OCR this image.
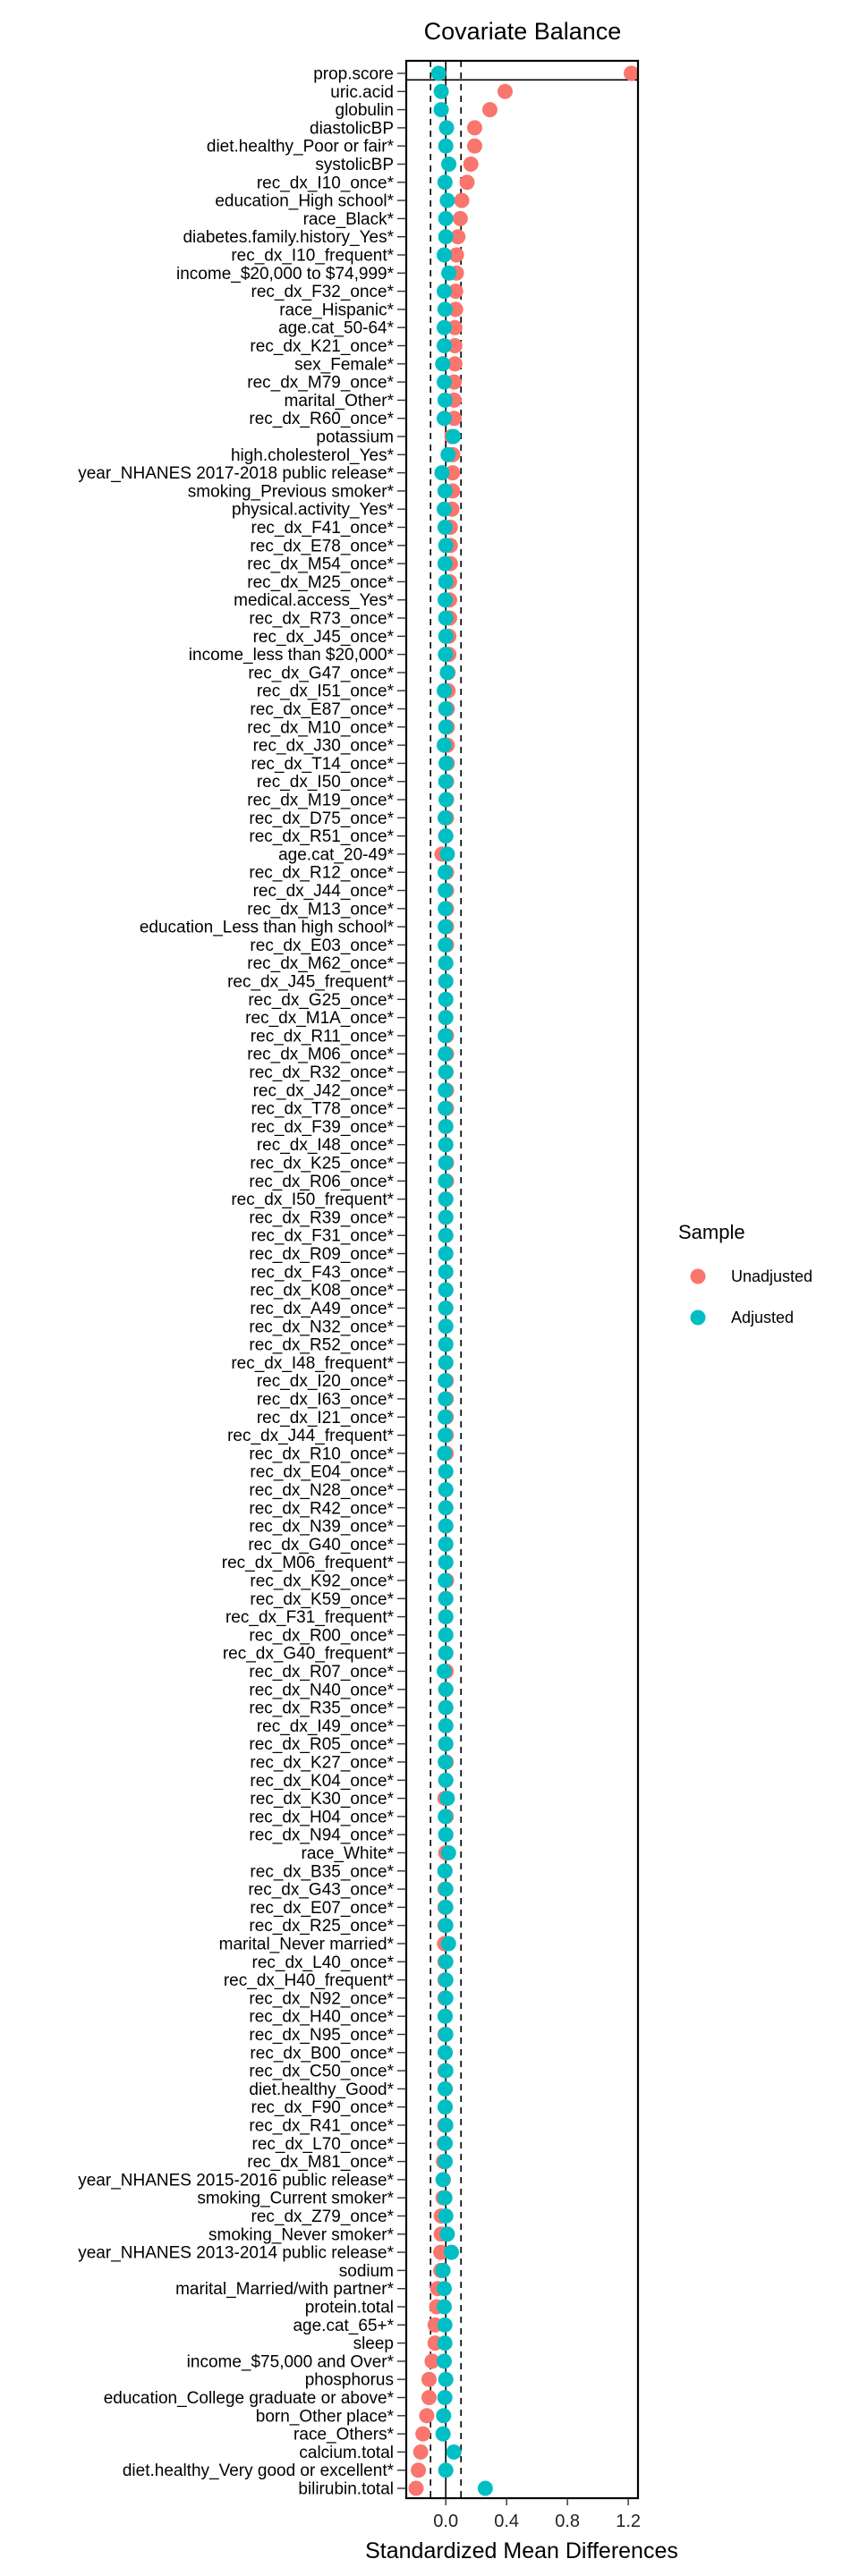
Covariate Balance
prop.score
uric.acid
globulin
diastolicBP
diet.healthy_Poor or fair*
systolicBP
rec_dx_I10_once*
education_High school*
race_Black*
diabetes.family.history_Yes*
rec_dx_I10_frequent*
income_$20,000 to $74,999*
rec_dx_F32_once*
race_Hispanic*
age.cat_50-64*
rec_dx_K21_once*
sex_Female*
rec_dx_M79_once*
marital_Other*
rec_dx_R60_once*
potassium
high.cholesterol_Yes*
year_NHANES 2017-2018 public release*
smoking_Previous smoker*
physical.activity_Yes*
rec_dx_F41_once*
rec_dx_E78_once*
rec_dx_M54_once*
rec_dx_M25_once*
medical.access_Yes*
rec_dx_R73_once*
rec_dx_J45_once*
income_less than $20,000*
rec_dx_G47_once*
rec_dx_I51_once*
rec_dx_E87_once*
rec_dx_M10_once*
rec_dx_J30_once*
rec_dx_T14_once*
rec_dx_I50_once*
rec_dx_M19_once*
rec_dx_D75_once*
rec_dx_R51_once*
age.cat_20-49*
rec_dx_R12_once*
rec_dx_J44_once*
rec_dx_M13_once*
education_Less than high school*
rec_dx_E03_once*
rec_dx_M62_once*
rec_dx_J45_frequent*
rec_dx_G25_once*
rec_dx_M1A_once*
rec_dx_R11_once*
rec_dx_M06_once*
rec_dx_R32_once*
rec_dx_J42_once*
rec_dx_T78_once*
rec_dx_F39_once*
rec_dx_I48_once*
rec_dx_K25_once*
rec_dx_R06_once*
rec_dx_I50_frequent*
rec_dx_R39_once*
rec_dx_F31_once*
rec_dx_R09_once*
rec_dx_F43_once*
rec_dx_K08_once*
rec_dx_A49_once*
rec_dx_N32_once*
rec_dx_R52_once*
rec_dx_I48_frequent*
rec_dx_I20_once*
rec_dx_I63_once*
rec_dx_I21_once*
rec_dx_J44_frequent*
rec_dx_R10_once*
rec_dx_E04_once*
rec_dx_N28_once*
rec_dx_R42_once*
rec_dx_N39_once*
rec_dx_G40_once*
rec_dx_M06_frequent*
rec_dx_K92_once*
rec_dx_K59_once*
rec_dx_F31_frequent*
rec_dx_R00_once*
rec_dx_G40_frequent*
rec_dx_R07_once*
rec_dx_N40_once*
rec_dx_R35_once*
rec_dx_I49_once*
rec_dx_R05_once*
rec_dx_K27_once*
rec_dx_K04_once*
rec_dx_K30_once*
rec_dx_H04_once*
rec_dx_N94_once*
race_White*
rec_dx_B35_once*
rec_dx_G43_once*
rec_dx_E07_once*
rec_dx_R25_once*
marital_Never married*
rec_dx_L40_once*
rec_dx_H40_frequent*
rec_dx_N92_once*
rec_dx_H40_once*
rec_dx_N95_once*
rec_dx_B00_once*
rec_dx_C50_once*
diet.healthy_Good*
rec_dx_F90_once*
rec_dx_R41_once*
rec_dx_L70_once*
rec_dx_M81_once*
year_NHANES 2015-2016 public release*
smoking_Current smoker*
rec_dx_Z79_once*
smoking_Never smoker*
year_NHANES 2013-2014 public release*
sodium
marital_Married/with partner*
protein.total
age.cat_65+*
sleep
income_$75,000 and Over*
phosphorus
education_College graduate or above*
born_Other place*
race_Others*
calcium.total
diet.healthy_Very good or excellent*
bilirubin.total
0.0 0.4 0.8 1.2
Standardized Mean Differences
Sample
Unadjusted
Adjusted
